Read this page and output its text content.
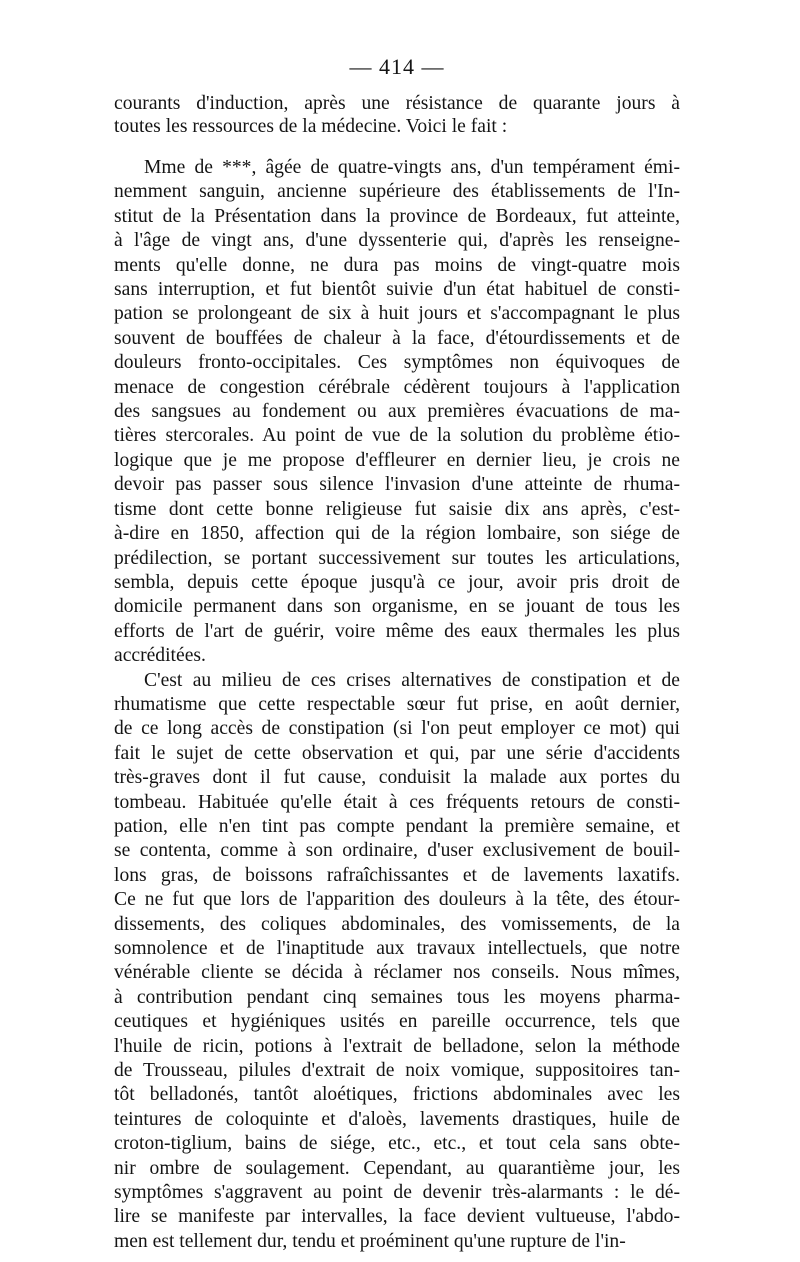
— 414 —
courants d'induction, après une résistance de quarante jours à
toutes les ressources de la médecine. Voici le fait :
Mme de ***, âgée de quatre-vingts ans, d'un tempérament émi-
nemment sanguin, ancienne supérieure des établissements de l'In-
stitut de la Présentation dans la province de Bordeaux, fut atteinte,
à l'âge de vingt ans, d'une dyssenterie qui, d'après les renseigne-
ments qu'elle donne, ne dura pas moins de vingt-quatre mois
sans interruption, et fut bientôt suivie d'un état habituel de consti-
pation se prolongeant de six à huit jours et s'accompagnant le plus
souvent de bouffées de chaleur à la face, d'étourdissements et de
douleurs fronto-occipitales. Ces symptômes non équivoques de
menace de congestion cérébrale cédèrent toujours à l'application
des sangsues au fondement ou aux premières évacuations de ma-
tières stercorales. Au point de vue de la solution du problème étio-
logique que je me propose d'effleurer en dernier lieu, je crois ne
devoir pas passer sous silence l'invasion d'une atteinte de rhuma-
tisme dont cette bonne religieuse fut saisie dix ans après, c'est-
à-dire en 1850, affection qui de la région lombaire, son siége de
prédilection, se portant successivement sur toutes les articulations,
sembla, depuis cette époque jusqu'à ce jour, avoir pris droit de
domicile permanent dans son organisme, en se jouant de tous les
efforts de l'art de guérir, voire même des eaux thermales les plus
accréditées.
C'est au milieu de ces crises alternatives de constipation et de
rhumatisme que cette respectable sœur fut prise, en août dernier,
de ce long accès de constipation (si l'on peut employer ce mot) qui
fait le sujet de cette observation et qui, par une série d'accidents
très-graves dont il fut cause, conduisit la malade aux portes du
tombeau. Habituée qu'elle était à ces fréquents retours de consti-
pation, elle n'en tint pas compte pendant la première semaine, et
se contenta, comme à son ordinaire, d'user exclusivement de bouil-
lons gras, de boissons rafraîchissantes et de lavements laxatifs.
Ce ne fut que lors de l'apparition des douleurs à la tête, des étour-
dissements, des coliques abdominales, des vomissements, de la
somnolence et de l'inaptitude aux travaux intellectuels, que notre
vénérable cliente se décida à réclamer nos conseils. Nous mîmes,
à contribution pendant cinq semaines tous les moyens pharma-
ceutiques et hygiéniques usités en pareille occurrence, tels que
l'huile de ricin, potions à l'extrait de belladone, selon la méthode
de Trousseau, pilules d'extrait de noix vomique, suppositoires tan-
tôt belladonés, tantôt aloétiques, frictions abdominales avec les
teintures de coloquinte et d'aloès, lavements drastiques, huile de
croton-tiglium, bains de siége, etc., etc., et tout cela sans obte-
nir ombre de soulagement. Cependant, au quarantième jour, les
symptômes s'aggravent au point de devenir très-alarmants : le dé-
lire se manifeste par intervalles, la face devient vultueuse, l'abdo-
men est tellement dur, tendu et proéminent qu'une rupture de l'in-
